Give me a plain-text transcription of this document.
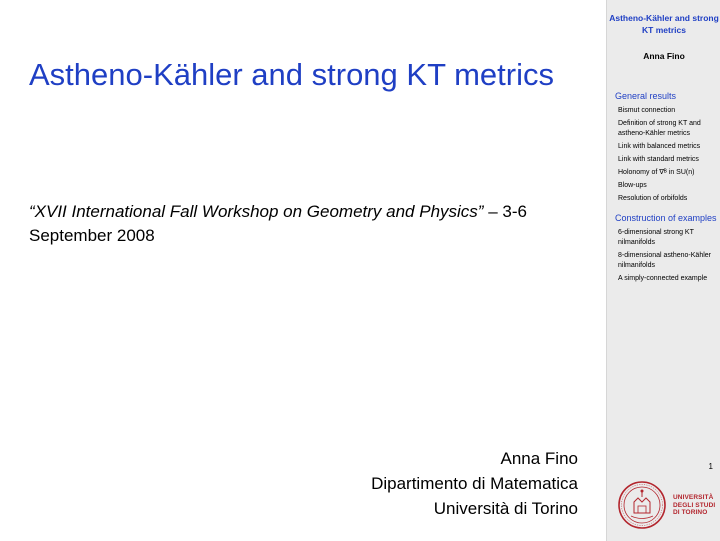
Astheno-Kähler and strong KT metrics
“XVII International Fall Workshop on Geometry and Physics” – 3-6 September 2008
Anna Fino
Dipartimento di Matematica
Università di Torino
Astheno-Kähler and strong KT metrics
Anna Fino
General results
Bismut connection
Definition of strong KT and astheno-Kähler metrics
Link with balanced metrics
Link with standard metrics
Holonomy of ∇ᴮ in SU(n)
Blow-ups
Resolution of orbifolds
Construction of examples
6-dimensional strong KT nilmanifolds
8-dimensional astheno-Kähler nilmanifolds
A simply-connected example
1
UNIVERSITÀ
DEGLI STUDI
DI TORINO
